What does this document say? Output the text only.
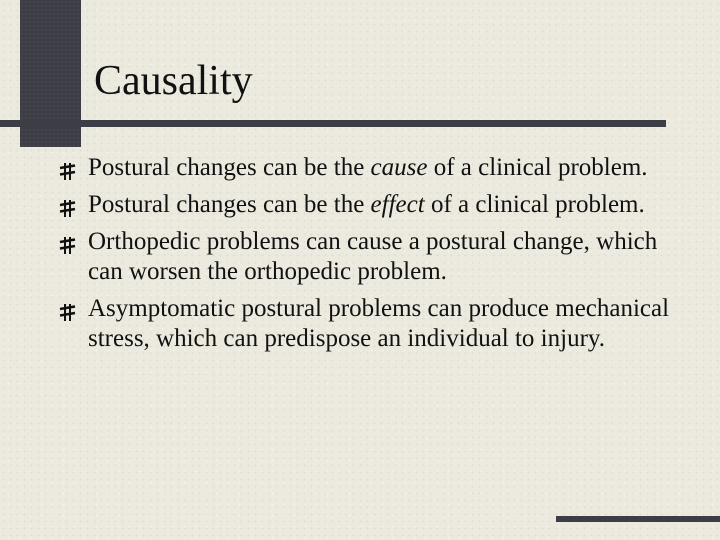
Causality
Postural changes can be the cause of a clinical problem.
Postural changes can be the effect of a clinical problem.
Orthopedic problems can cause a postural change, which can worsen the orthopedic problem.
Asymptomatic postural problems can produce mechanical stress, which can predispose an individual to injury.
